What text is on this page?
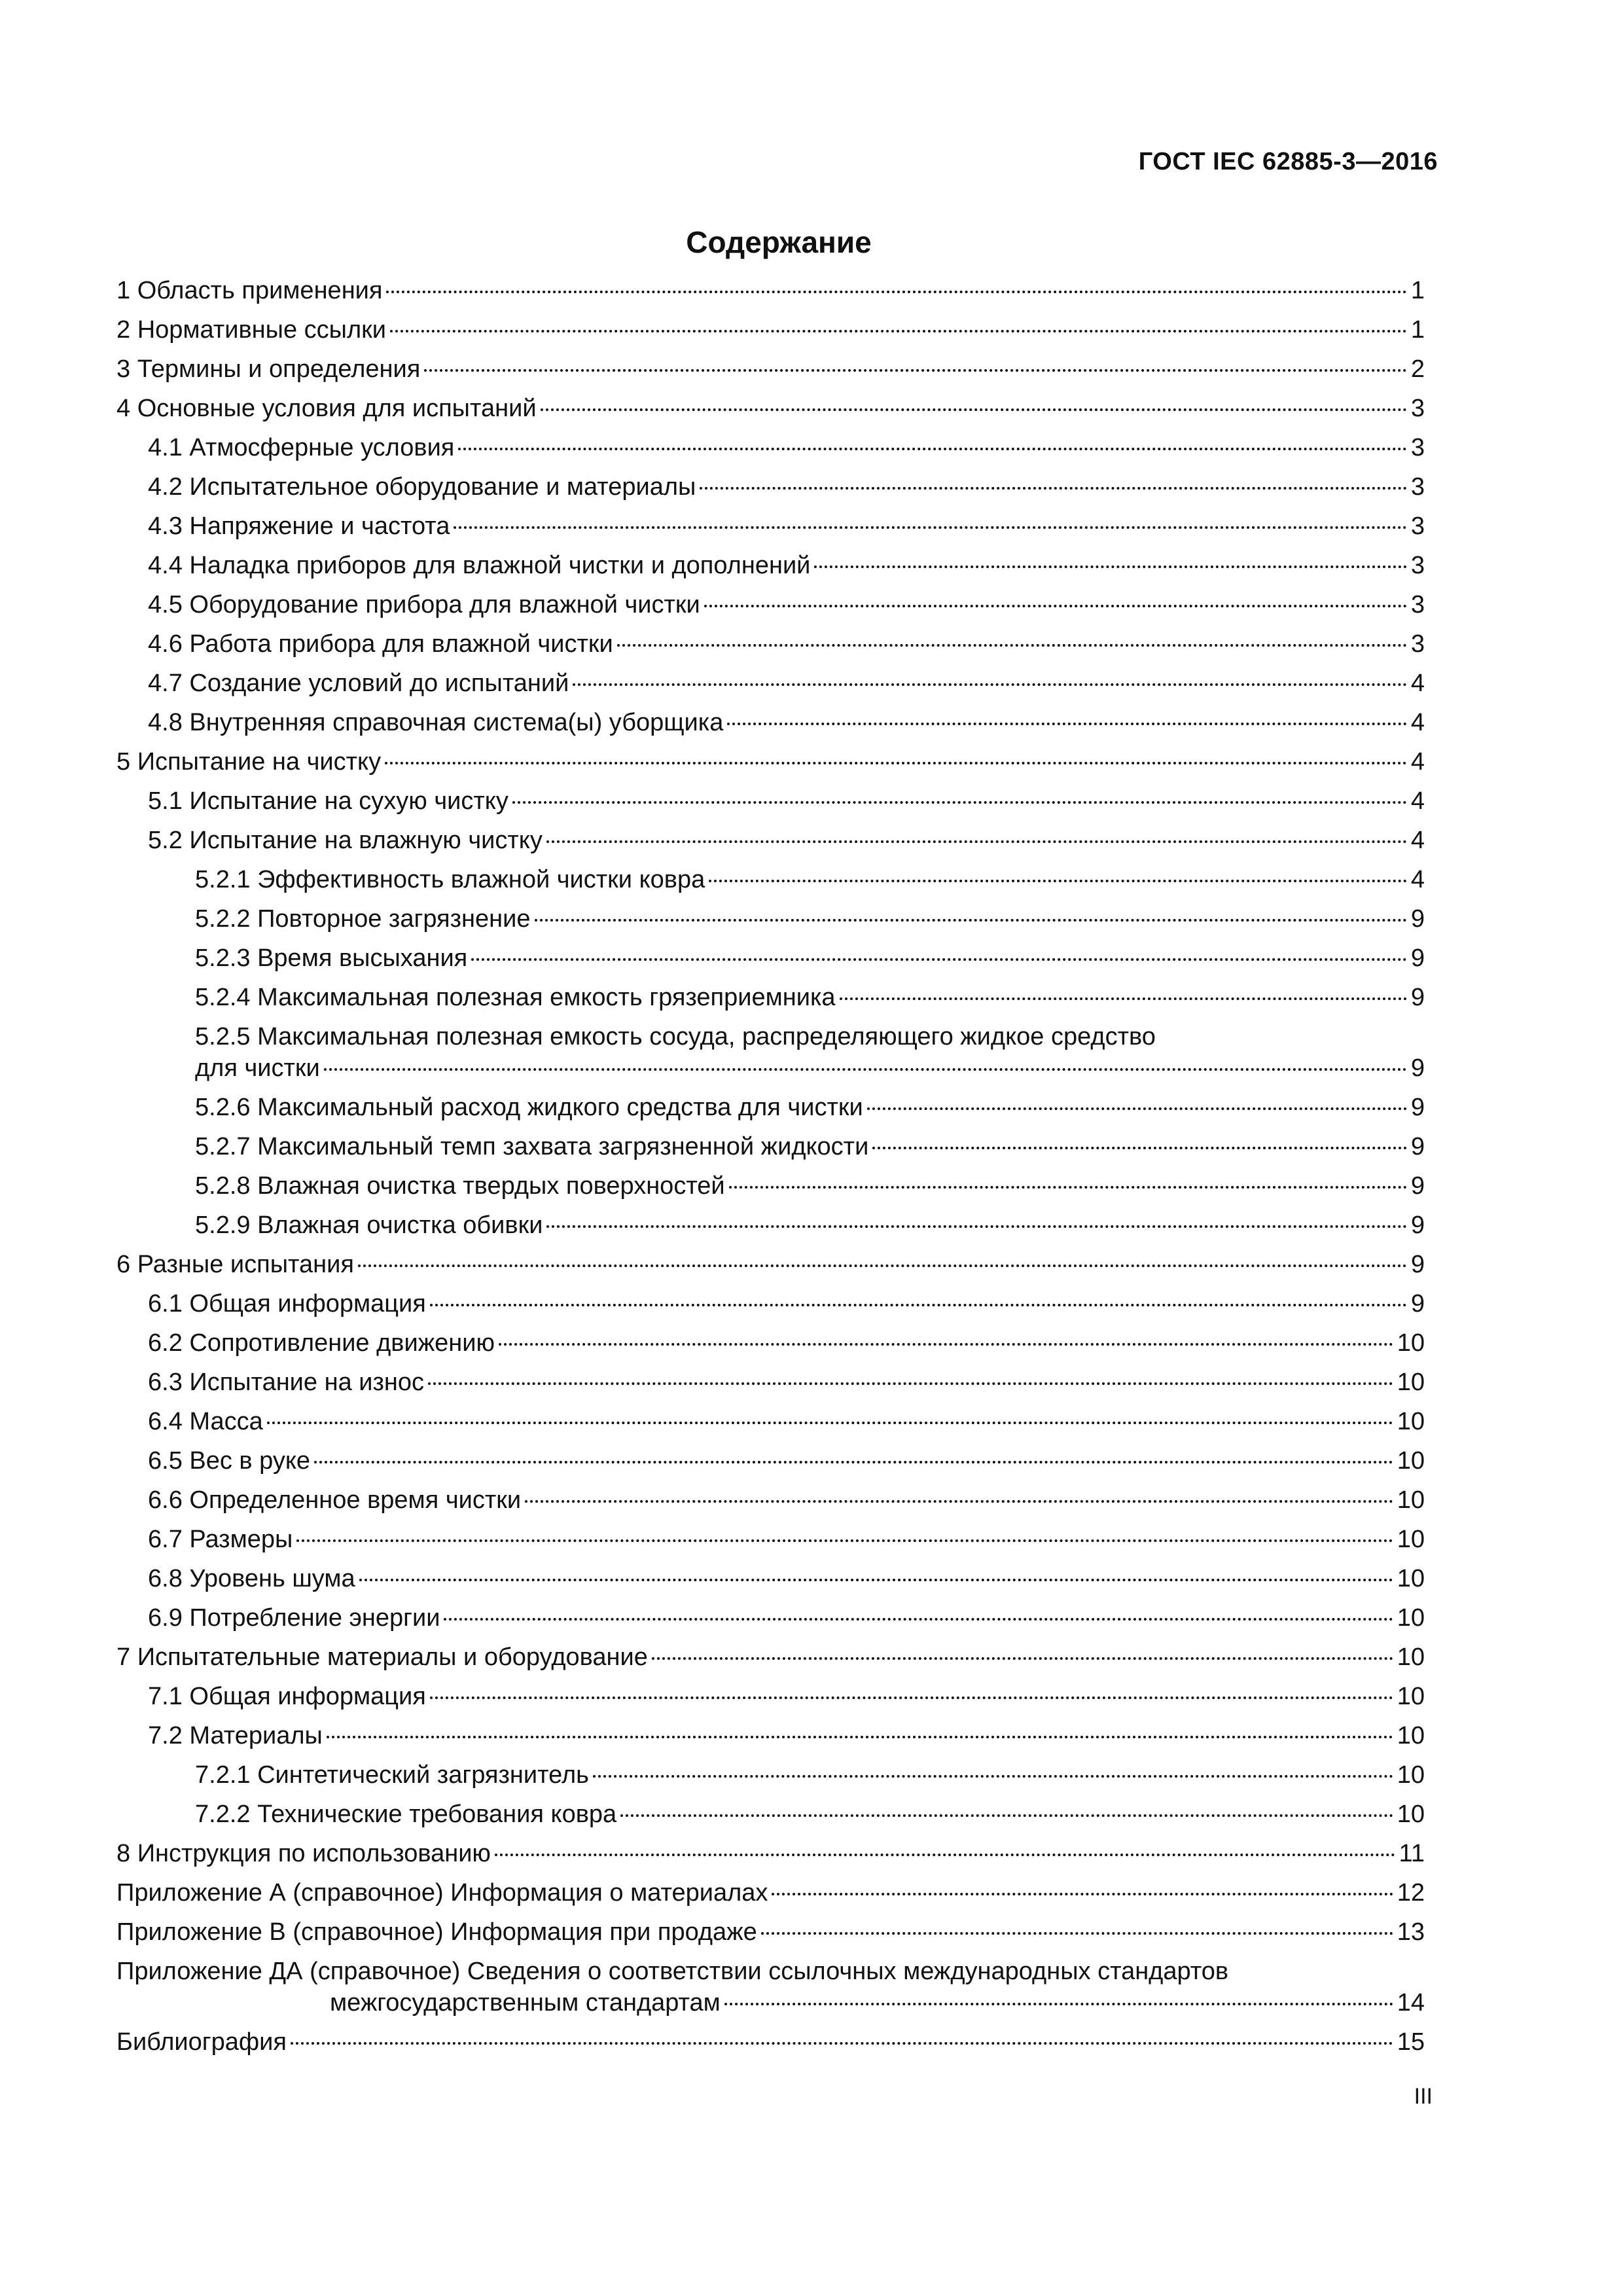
ГОСТ IEC 62885-3—2016
Содержание
1 Область применения	1
2 Нормативные ссылки	1
3 Термины и определения	2
4 Основные условия для испытаний	3
4.1 Атмосферные условия	3
4.2 Испытательное оборудование и материалы	3
4.3 Напряжение и частота	3
4.4 Наладка приборов для влажной чистки и дополнений	3
4.5 Оборудование прибора для влажной чистки	3
4.6 Работа прибора для влажной чистки	3
4.7 Создание условий до испытаний	4
4.8 Внутренняя справочная система(ы) уборщика	4
5 Испытание на чистку	4
5.1 Испытание на сухую чистку	4
5.2 Испытание на влажную чистку	4
5.2.1 Эффективность влажной чистки ковра	4
5.2.2 Повторное загрязнение	9
5.2.3 Время высыхания	9
5.2.4 Максимальная полезная емкость грязеприемника	9
5.2.5 Максимальная полезная емкость сосуда, распределяющего жидкое средство
для чистки	9
5.2.6 Максимальный расход жидкого средства для чистки	9
5.2.7 Максимальный темп захвата загрязненной жидкости	9
5.2.8 Влажная очистка твердых поверхностей	9
5.2.9 Влажная очистка обивки	9
6 Разные испытания	9
6.1 Общая информация	9
6.2 Сопротивление движению	10
6.3 Испытание на износ	10
6.4 Масса	10
6.5 Вес в руке	10
6.6 Определенное время чистки	10
6.7 Размеры	10
6.8 Уровень шума	10
6.9 Потребление энергии	10
7 Испытательные материалы и оборудование	10
7.1 Общая информация	10
7.2 Материалы	10
7.2.1 Синтетический загрязнитель	10
7.2.2 Технические требования ковра	10
8 Инструкция по использованию	11
Приложение А (справочное) Информация о материалах	12
Приложение В (справочное) Информация при продаже	13
Приложение ДА (справочное) Сведения о соответствии ссылочных международных стандартов
межгосударственным стандартам	14
Библиография	15
III
